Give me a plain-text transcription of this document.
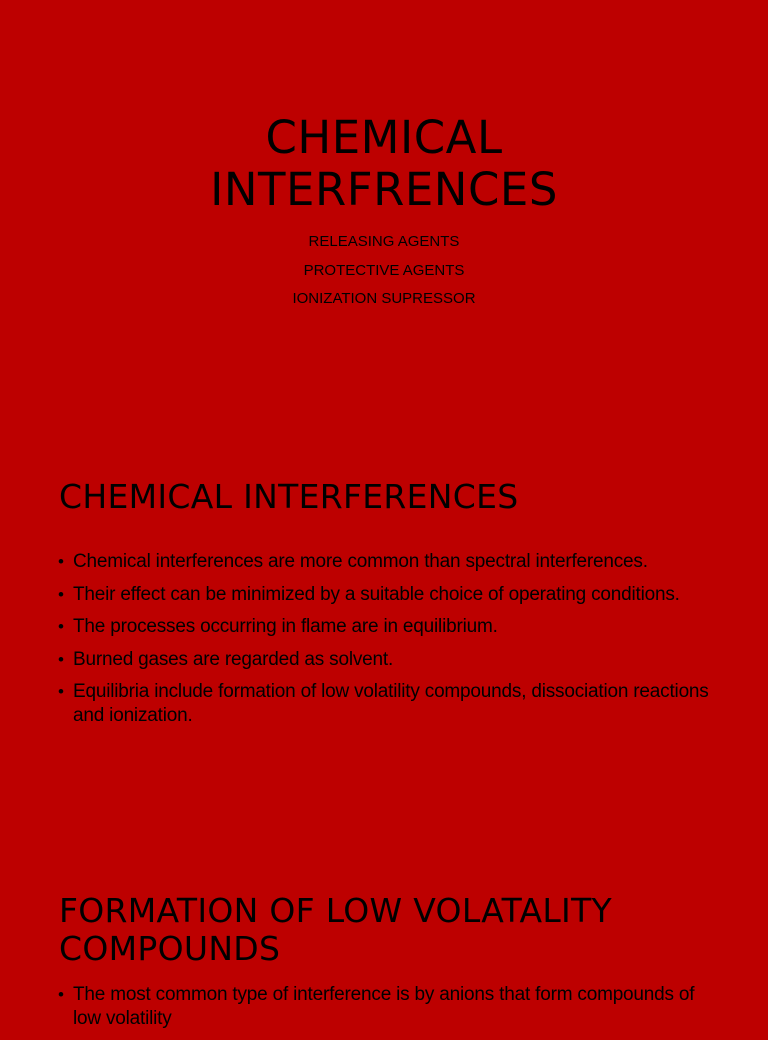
CHEMICAL
INTERFRENCES
RELEASING AGENTS
PROTECTIVE AGENTS
IONIZATION SUPRESSOR
CHEMICAL INTERFERENCES
• Chemical interferences are more common than spectral interferences.
• Their effect can be minimized by a suitable choice of operating conditions.
• The processes occurring in flame are in equilibrium.
• Burned gases are regarded as solvent.
• Equilibria include formation of low volatility compounds, dissociation reactions and ionization.
FORMATION OF LOW VOLATALITY
COMPOUNDS
• The most common type of interference is by anions that form compounds of low volatility
